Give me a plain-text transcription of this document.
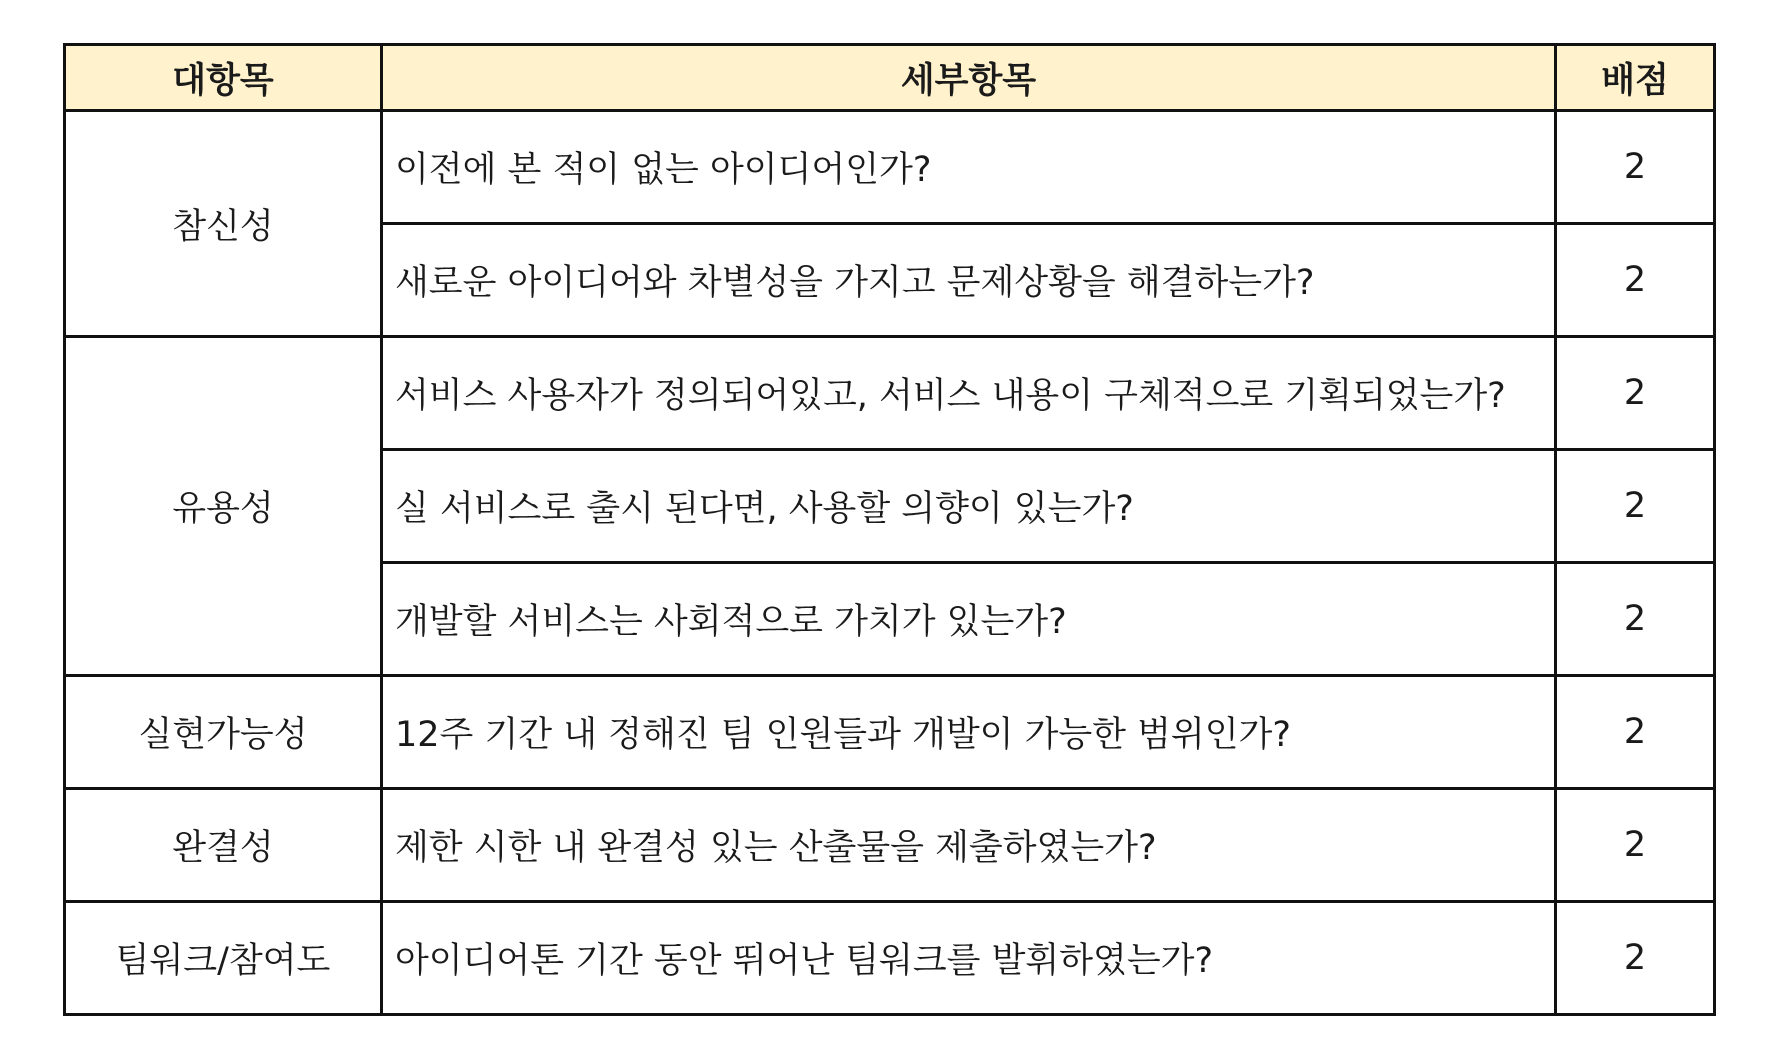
대항목	세부항목	배점
참신성	이전에 본 적이 없는 아이디어인가?	2
	새로운 아이디어와 차별성을 가지고 문제상황을 해결하는가?	2
유용성	서비스 사용자가 정의되어있고, 서비스 내용이 구체적으로 기획되었는가?	2
	실 서비스로 출시 된다면, 사용할 의향이 있는가?	2
	개발할 서비스는 사회적으로 가치가 있는가?	2
실현가능성	12주 기간 내 정해진 팀 인원들과 개발이 가능한 범위인가?	2
완결성	제한 시한 내 완결성 있는 산출물을 제출하였는가?	2
팀워크/참여도	아이디어톤 기간 동안 뛰어난 팀워크를 발휘하였는가?	2
